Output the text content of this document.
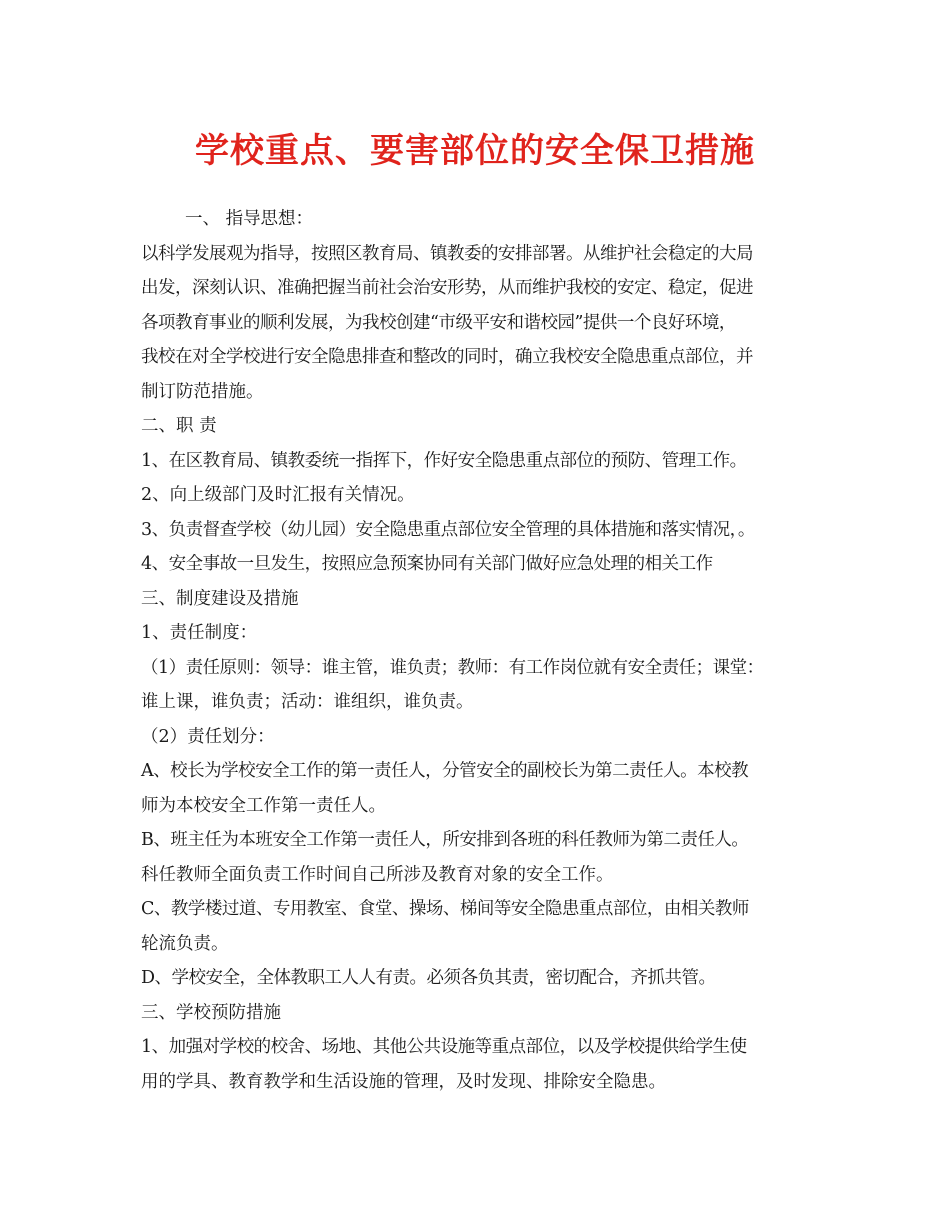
学校重点、要害部位的安全保卫措施
一、 指导思想：
以科学发展观为指导，按照区教育局、镇教委的安排部署。从维护社会稳定的大局
出发，深刻认识、准确把握当前社会治安形势，从而维护我校的安定、稳定，促进
各项教育事业的顺利发展，为我校创建“市级平安和谐校园”提供一个良好环境，
我校在对全学校进行安全隐患排查和整改的同时，确立我校安全隐患重点部位，并
制订防范措施。
二、职 责
1、在区教育局、镇教委统一指挥下，作好安全隐患重点部位的预防、管理工作。
2、向上级部门及时汇报有关情况。
3、负责督查学校（幼儿园）安全隐患重点部位安全管理的具体措施和落实情况，。
4、安全事故一旦发生，按照应急预案协同有关部门做好应急处理的相关工作
三、制度建设及措施
1、责任制度：
（1）责任原则：领导：谁主管，谁负责；教师：有工作岗位就有安全责任；课堂：
谁上课，谁负责；活动：谁组织，谁负责。
（2）责任划分：
A、校长为学校安全工作的第一责任人，分管安全的副校长为第二责任人。本校教
师为本校安全工作第一责任人。
B、班主任为本班安全工作第一责任人，所安排到各班的科任教师为第二责任人。
科任教师全面负责工作时间自己所涉及教育对象的安全工作。
C、教学楼过道、专用教室、食堂、操场、梯间等安全隐患重点部位，由相关教师
轮流负责。
D、学校安全，全体教职工人人有责。必须各负其责，密切配合，齐抓共管。
三、学校预防措施
1、加强对学校的校舍、场地、其他公共设施等重点部位，以及学校提供给学生使
用的学具、教育教学和生活设施的管理，及时发现、排除安全隐患。
